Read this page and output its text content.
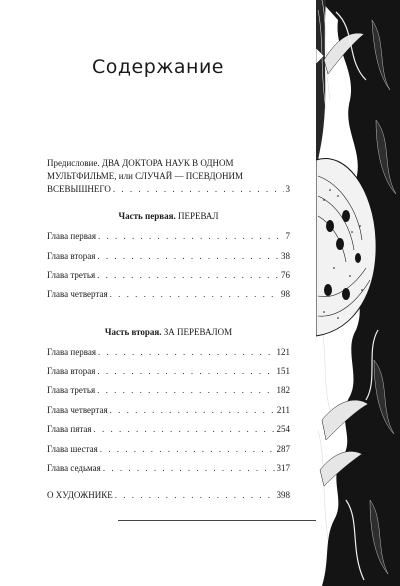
Содержание
Предисловие. ДВА ДОКТОРА НАУК В ОДНОМ
МУЛЬТФИЛЬМЕ, или СЛУЧАЙ — ПСЕВДОНИМ
ВСЕВЫШНЕГО . . .	3
Часть первая. ПЕРЕВАЛ
Глава первая . . .	7
Глава вторая . . .	38
Глава третья . . .	76
Глава четвертая . . .	98
Часть вторая. ЗА ПЕРЕВАЛОМ
Глава первая . . .	121
Глава вторая . . .	151
Глава третья . . .	182
Глава четвертая . . .	211
Глава пятая . . .	254
Глава шестая . . .	287
Глава седьмая . . .	317
О ХУДОЖНИКЕ . . .	398
